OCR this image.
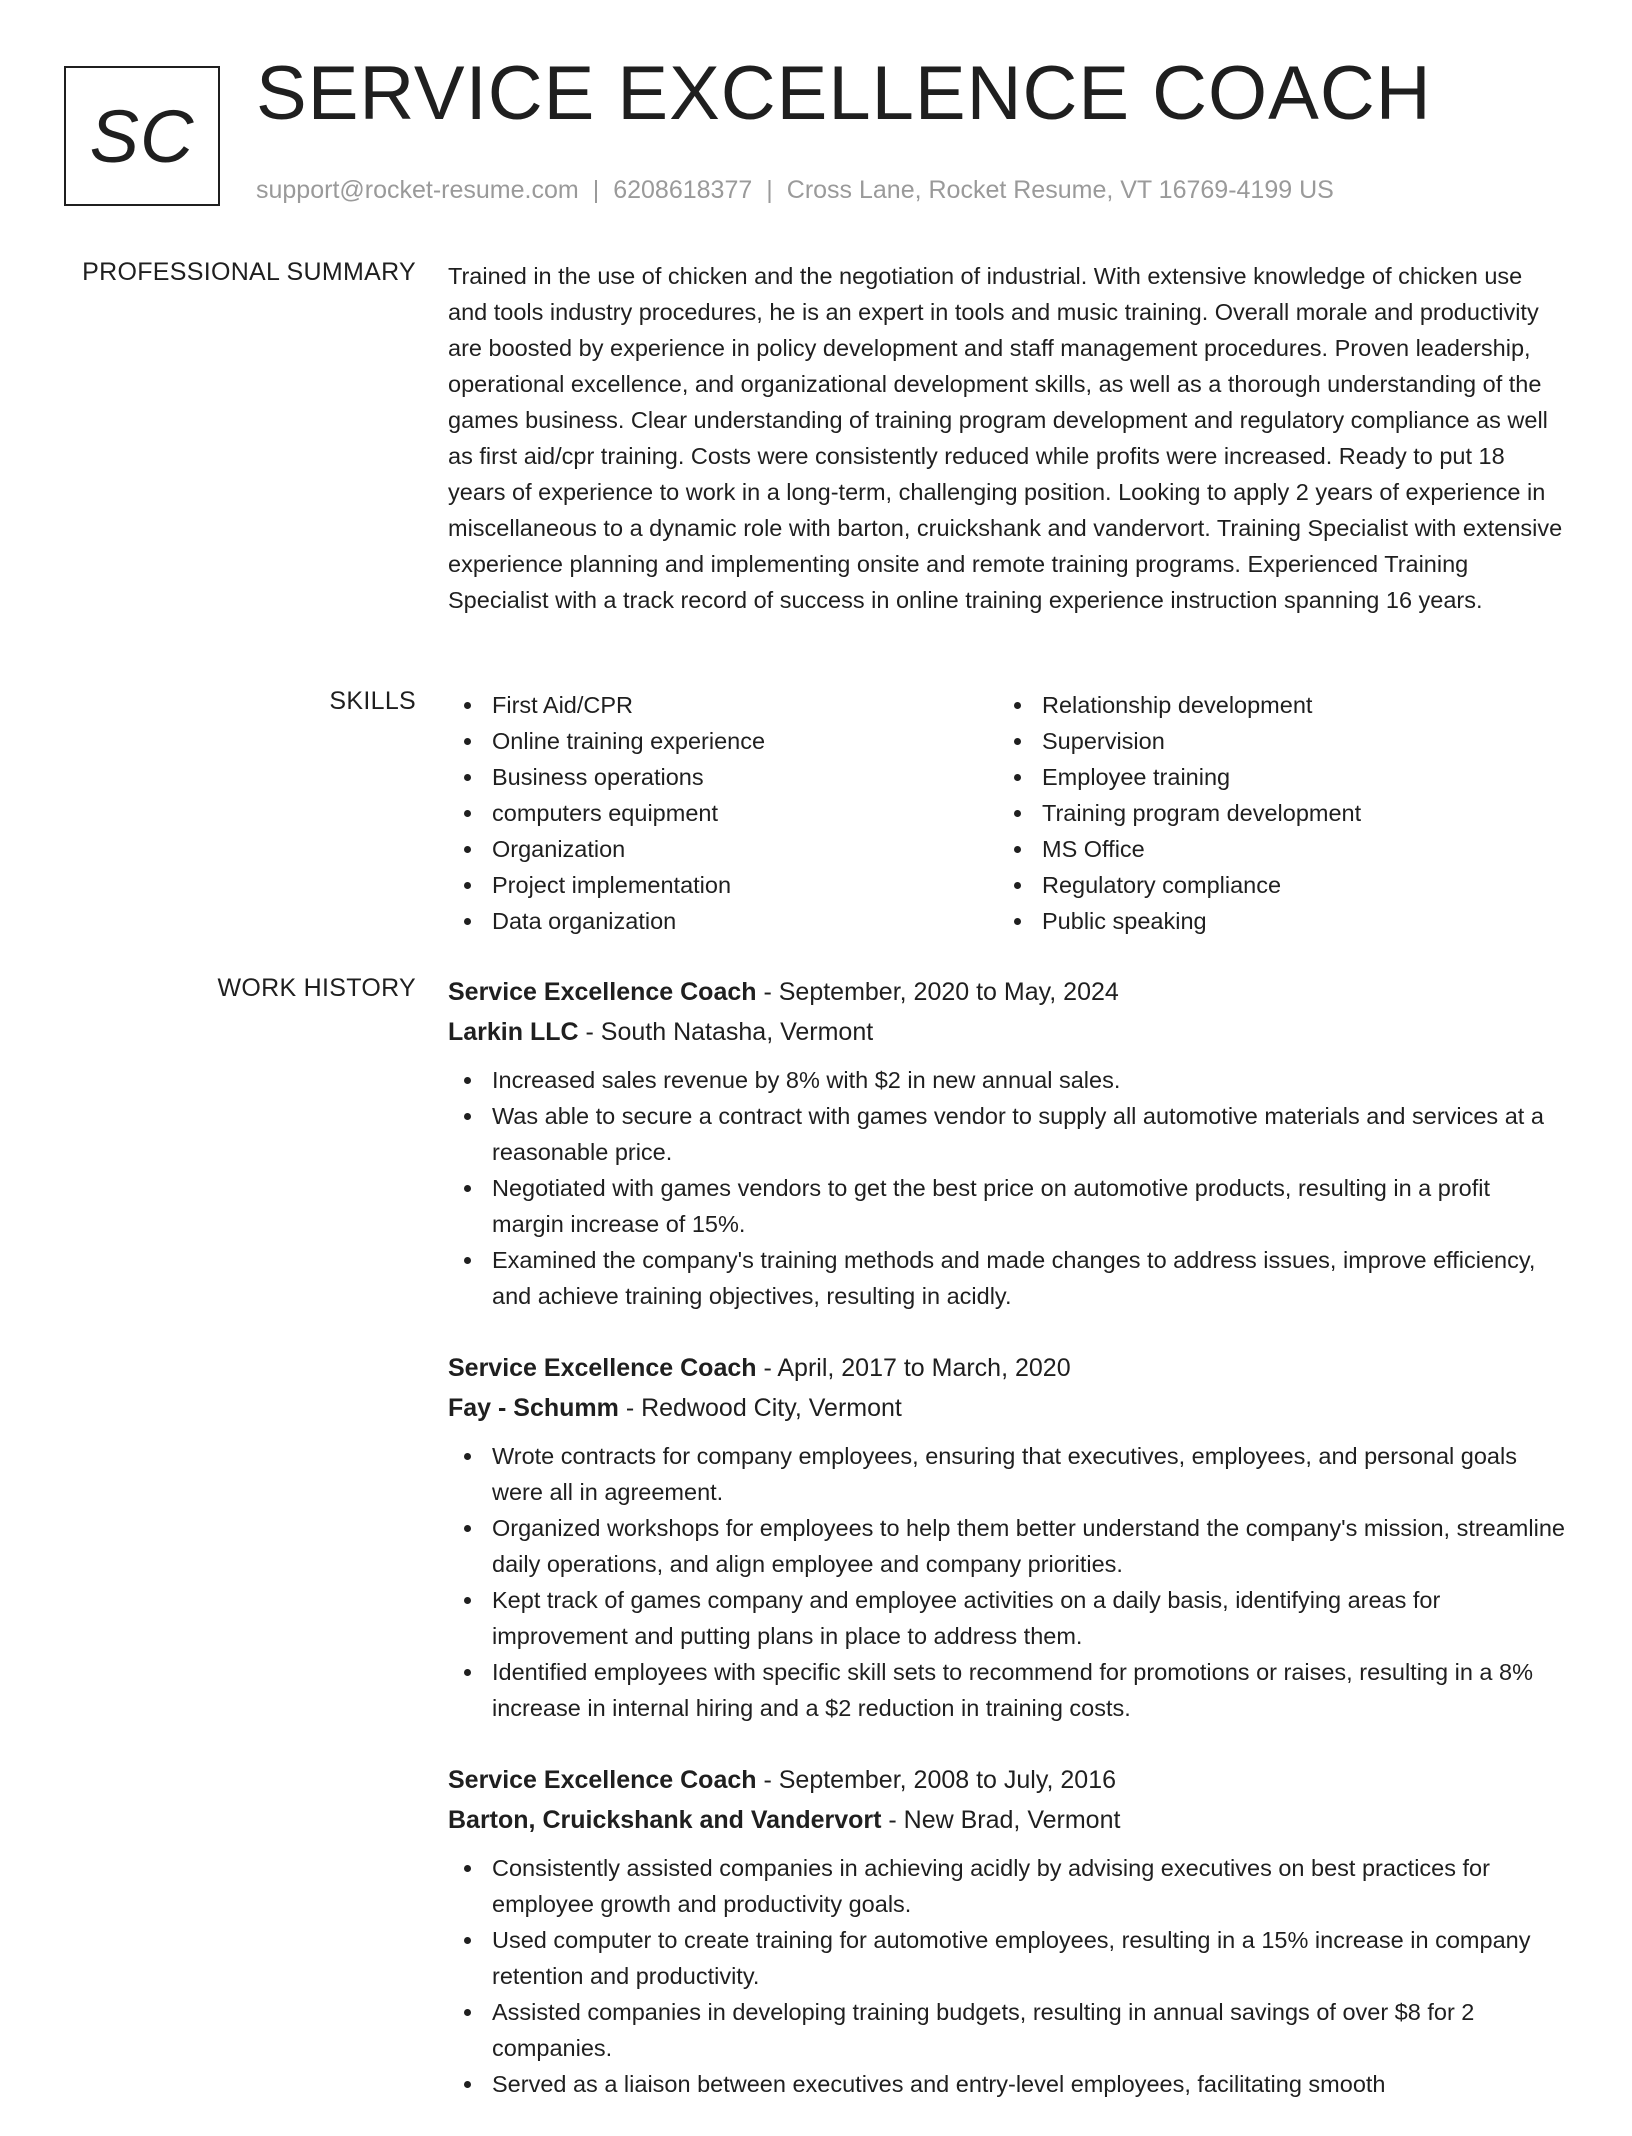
SC SERVICE EXCELLENCE COACH
support@rocket-resume.com | 6208618377 | Cross Lane, Rocket Resume, VT 16769-4199 US
PROFESSIONAL SUMMARY Trained in the use of chicken and the negotiation of industrial. With extensive knowledge of chicken use and tools industry procedures, he is an expert in tools and music training. Overall morale and productivity are boosted by experience in policy development and staff management procedures. Proven leadership, operational excellence, and organizational development skills, as well as a thorough understanding of the games business. Clear understanding of training program development and regulatory compliance as well as first aid/cpr training. Costs were consistently reduced while profits were increased. Ready to put 18 years of experience to work in a long-term, challenging position. Looking to apply 2 years of experience in miscellaneous to a dynamic role with barton, cruickshank and vandervort. Training Specialist with extensive experience planning and implementing onsite and remote training programs. Experienced Training Specialist with a track record of success in online training experience instruction spanning 16 years.

SKILLS	First Aid/CPR
Online training experience
Business operations
computers equipment
Organization
Project implementation
Data organization
Relationship development
Supervision
Employee training
Training program development
MS Office
Regulatory compliance
Public speaking
WORK HISTORY Service Excellence Coach - September, 2020 to May, 2024
Larkin LLC - South Natasha, Vermont
Increased sales revenue by 8% with $2 in new annual sales.
Was able to secure a contract with games vendor to supply all automotive materials and services at a reasonable price.
Negotiated with games vendors to get the best price on automotive products, resulting in a profit margin increase of 15%.
Examined the company's training methods and made changes to address issues, improve efficiency, and achieve training objectives, resulting in acidly.
Service Excellence Coach - April, 2017 to March, 2020
Fay - Schumm - Redwood City, Vermont
Wrote contracts for company employees, ensuring that executives, employees, and personal goals were all in agreement.
Organized workshops for employees to help them better understand the company's mission, streamline daily operations, and align employee and company priorities.
Kept track of games company and employee activities on a daily basis, identifying areas for improvement and putting plans in place to address them.
Identified employees with specific skill sets to recommend for promotions or raises, resulting in a 8% increase in internal hiring and a $2 reduction in training costs.
Service Excellence Coach - September, 2008 to July, 2016
Barton, Cruickshank and Vandervort - New Brad, Vermont
Consistently assisted companies in achieving acidly by advising executives on best practices for employee growth and productivity goals.
Used computer to create training for automotive employees, resulting in a 15% increase in company retention and productivity.
Assisted companies in developing training budgets, resulting in annual savings of over $8 for 2 companies.
Served as a liaison between executives and entry-level employees, facilitating smooth
